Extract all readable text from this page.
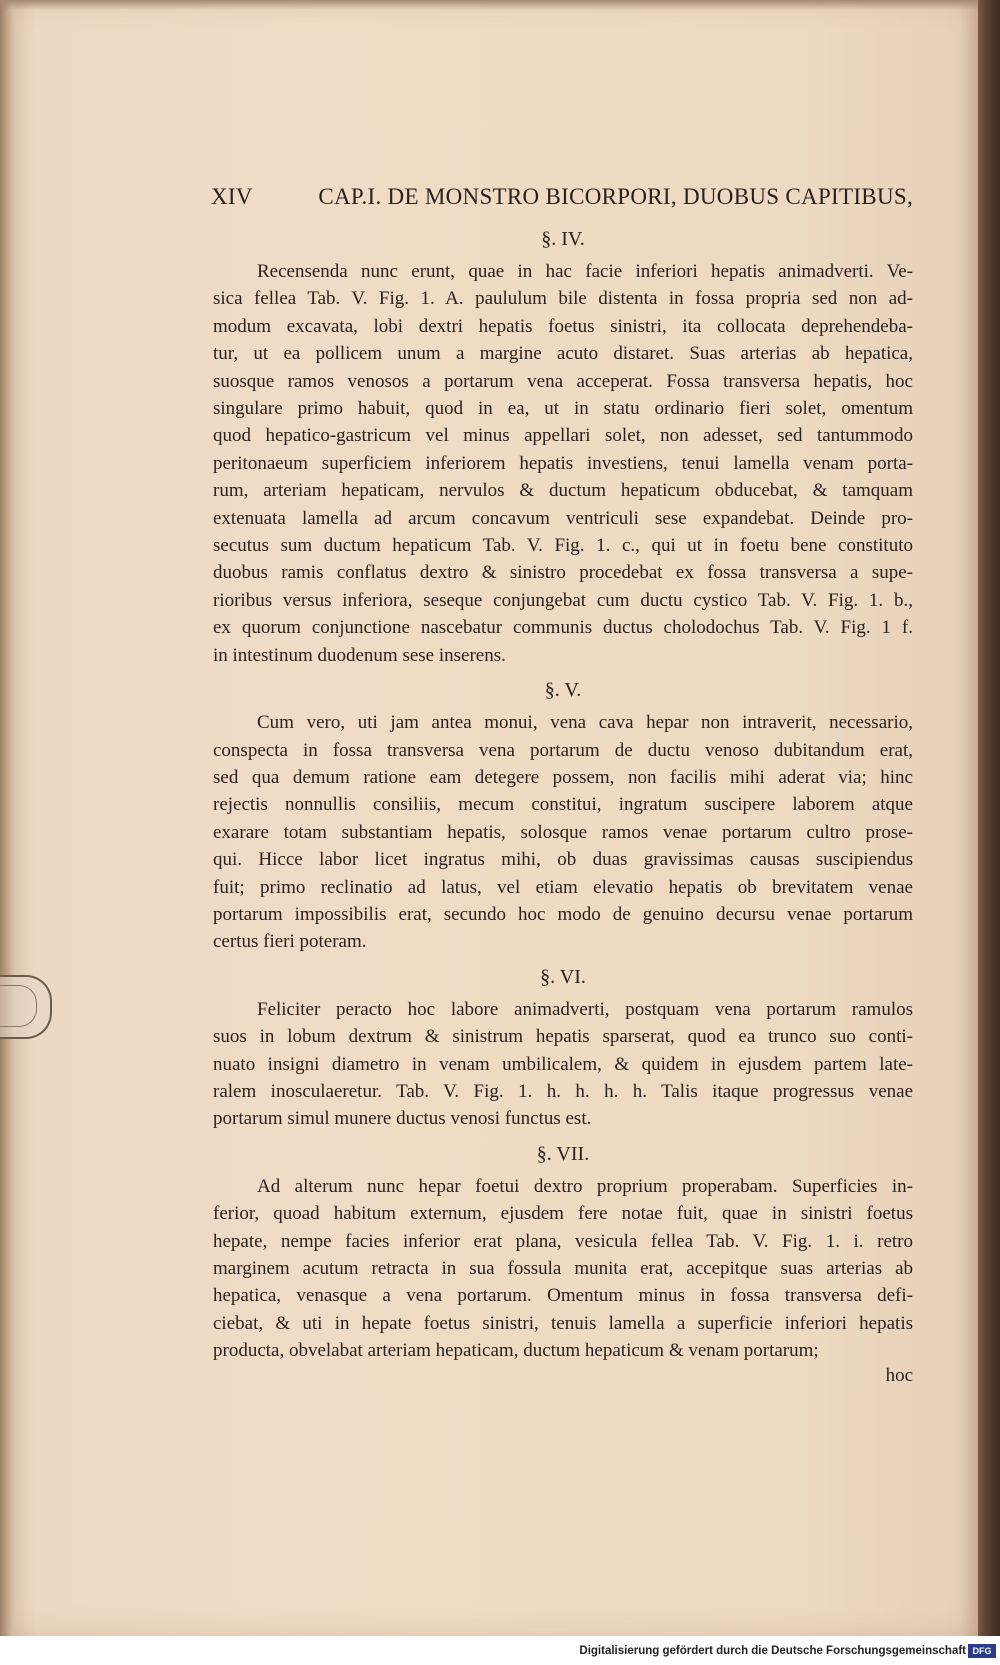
XIV	CAP.I. DE MONSTRO BICORPORI, DUOBUS CAPITIBUS,
§. IV.
Recensenda nunc erunt, quae in hac facie inferiori hepatis animadverti. Ve-
sica fellea Tab. V. Fig. 1. A. paululum bile distenta in fossa propria sed non ad-
modum excavata, lobi dextri hepatis foetus sinistri, ita collocata deprehendeba-
tur, ut ea pollicem unum a margine acuto distaret. Suas arterias ab hepatica,
suosque ramos venosos a portarum vena acceperat. Fossa transversa hepatis, hoc
singulare primo habuit, quod in ea, ut in statu ordinario fieri solet, omentum
quod hepatico-gastricum vel minus appellari solet, non adesset, sed tantummodo
peritonaeum superficiem inferiorem hepatis investiens, tenui lamella venam porta-
rum, arteriam hepaticam, nervulos & ductum hepaticum obducebat, & tamquam
extenuata lamella ad arcum concavum ventriculi sese expandebat. Deinde pro-
secutus sum ductum hepaticum Tab. V. Fig. 1. c., qui ut in foetu bene constituto
duobus ramis conflatus dextro & sinistro procedebat ex fossa transversa a supe-
rioribus versus inferiora, seseque conjungebat cum ductu cystico Tab. V. Fig. 1. b.,
ex quorum conjunctione nascebatur communis ductus cholodochus Tab. V. Fig. 1 f.
in intestinum duodenum sese inserens.
§. V.
Cum vero, uti jam antea monui, vena cava hepar non intraverit, necessario,
conspecta in fossa transversa vena portarum de ductu venoso dubitandum erat,
sed qua demum ratione eam detegere possem, non facilis mihi aderat via; hinc
rejectis nonnullis consiliis, mecum constitui, ingratum suscipere laborem atque
exarare totam substantiam hepatis, solosque ramos venae portarum cultro prose-
qui. Hicce labor licet ingratus mihi, ob duas gravissimas causas suscipiendus
fuit; primo reclinatio ad latus, vel etiam elevatio hepatis ob brevitatem venae
portarum impossibilis erat, secundo hoc modo de genuino decursu venae portarum
certus fieri poteram.
§. VI.
Feliciter peracto hoc labore animadverti, postquam vena portarum ramulos
suos in lobum dextrum & sinistrum hepatis sparserat, quod ea trunco suo conti-
nuato insigni diametro in venam umbilicalem, & quidem in ejusdem partem late-
ralem inosculaeretur. Tab. V. Fig. 1. h. h. h. h. Talis itaque progressus venae
portarum simul munere ductus venosi functus est.
§. VII.
Ad alterum nunc hepar foetui dextro proprium properabam. Superficies in-
ferior, quoad habitum externum, ejusdem fere notae fuit, quae in sinistri foetus
hepate, nempe facies inferior erat plana, vesicula fellea Tab. V. Fig. 1. i. retro
marginem acutum retracta in sua fossula munita erat, accepitque suas arterias ab
hepatica, venasque a vena portarum. Omentum minus in fossa transversa defi-
ciebat, & uti in hepate foetus sinistri, tenuis lamella a superficie inferiori hepatis
producta, obvelabat arteriam hepaticam, ductum hepaticum & venam portarum;
hoc
Digitalisierung gefördert durch die Deutsche Forschungsgemeinschaft DFG
